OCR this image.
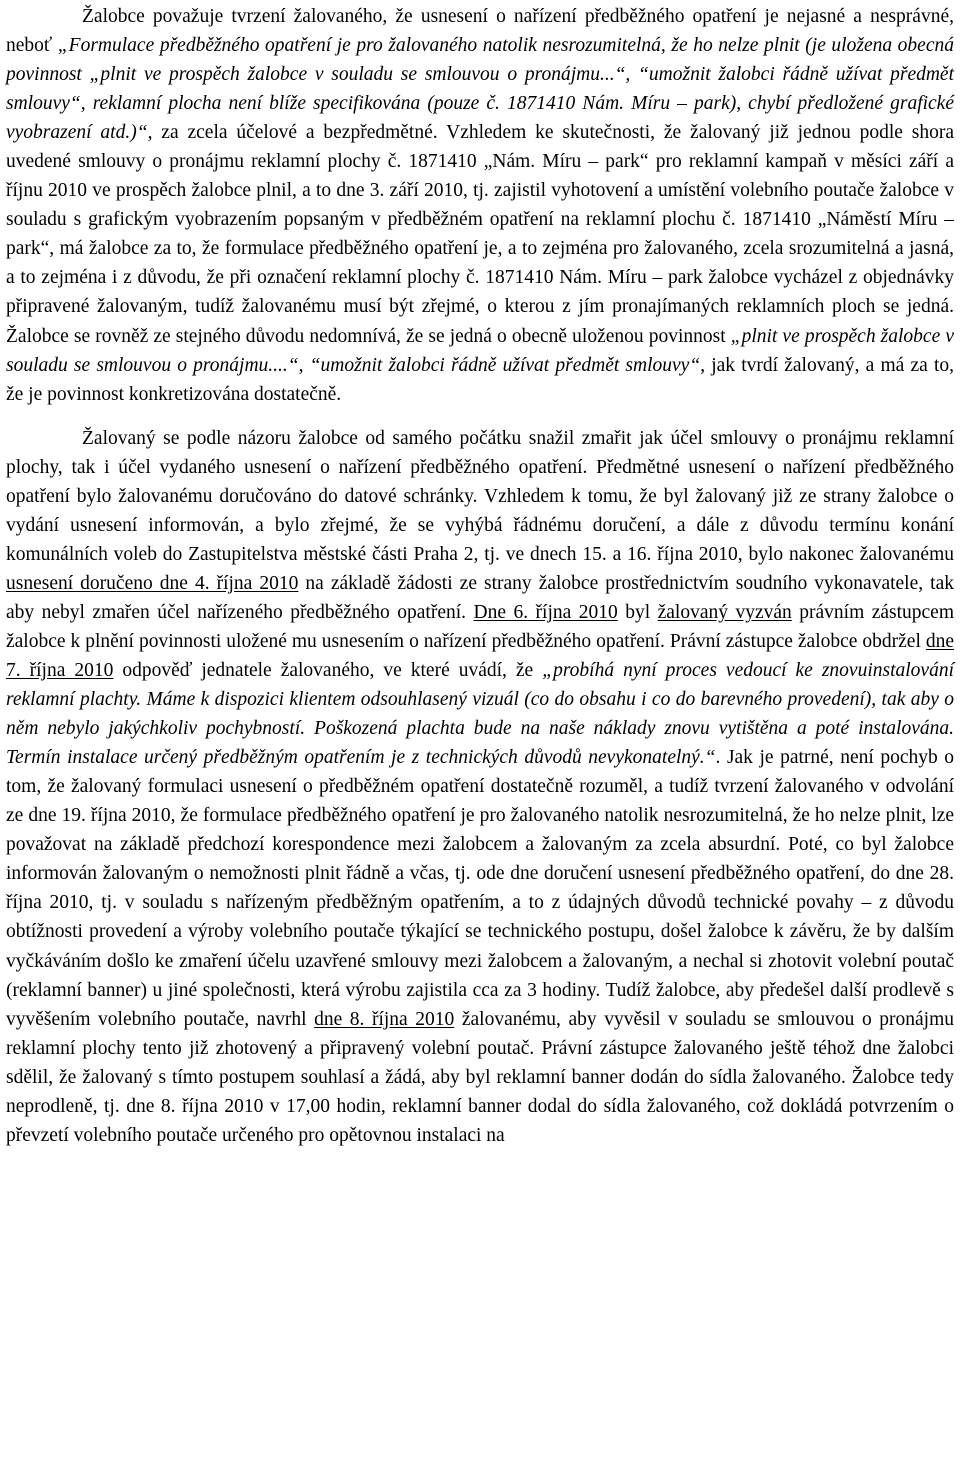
Žalobce považuje tvrzení žalovaného, že usnesení o nařízení předběžného opatření je nejasné a nesprávné, neboť „Formulace předběžného opatření je pro žalovaného natolik nesrozumitelná, že ho nelze plnit (je uložena obecná povinnost „plnit ve prospěch žalobce v souladu se smlouvou o pronájmu...“, “umožnit žalobci řádně užívat předmět smlouvy“, reklamní plocha není blíže specifikována (pouze č. 1871410 Nám. Míru – park), chybí předložené grafické vyobrazení atd.)“, za zcela účelové a bezpředmětné. Vzhledem ke skutečnosti, že žalovaný již jednou podle shora uvedené smlouvy o pronájmu reklamní plochy č. 1871410 „Nám. Míru – park“ pro reklamní kampaň v měsíci září a říjnu 2010 ve prospěch žalobce plnil, a to dne 3. září 2010, tj. zajistil vyhotovení a umístění volebního poutače žalobce v souladu s grafickým vyobrazením popsaným v předběžném opatření na reklamní plochu č. 1871410 „Náměstí Míru – park“, má žalobce za to, že formulace předběžného opatření je, a to zejména pro žalovaného, zcela srozumitelná a jasná, a to zejména i z důvodu, že při označení reklamní plochy č. 1871410 Nám. Míru – park žalobce vycházel z objednávky připravené žalovaným, tudíž žalovanému musí být zřejmé, o kterou z jím pronajímaných reklamních ploch se jedná. Žalobce se rovněž ze stejného důvodu nedomnívá, že se jedná o obecně uloženou povinnost „plnit ve prospěch žalobce v souladu se smlouvou o pronájmu....“, “umožnit žalobci řádně užívat předmět smlouvy“, jak tvrdí žalovaný, a má za to, že je povinnost konkretizována dostatečně.

Žalovaný se podle názoru žalobce od samého počátku snažil zmařit jak účel smlouvy o pronájmu reklamní plochy, tak i účel vydaného usnesení o nařízení předběžného opatření. Předmětné usnesení o nařízení předběžného opatření bylo žalovanému doručováno do datové schránky. Vzhledem k tomu, že byl žalovaný již ze strany žalobce o vydání usnesení informován, a bylo zřejmé, že se vyhýbá řádnému doručení, a dále z důvodu termínu konání komunálních voleb do Zastupitelstva městské části Praha 2, tj. ve dnech 15. a 16. října 2010, bylo nakonec žalovanému usnesení doručeno dne 4. října 2010 na základě žádosti ze strany žalobce prostřednictvím soudního vykonavatele, tak aby nebyl zmařen účel nařízeného předběžného opatření. Dne 6. října 2010 byl žalovaný vyzván právním zástupcem žalobce k plnění povinnosti uložené mu usnesením o nařízení předběžného opatření. Právní zástupce žalobce obdržel dne 7. října 2010 odpověď jednatele žalovaného, ve které uvádí, že „probíhá nyní proces vedoucí ke znovuinstalování reklamní plachty. Máme k dispozici klientem odsouhlasený vizuál (co do obsahu i co do barevného provedení), tak aby o něm nebylo jakýchkoliv pochybností. Poškozená plachta bude na naše náklady znovu vytištěna a poté instalována. Termín instalace určený předběžným opatřením je z technických důvodů nevykonatelný.“. Jak je patrné, není pochyb o tom, že žalovaný formulaci usnesení o předběžném opatření dostatečně rozuměl, a tudíž tvrzení žalovaného v odvolání ze dne 19. října 2010, že formulace předběžného opatření je pro žalovaného natolik nesrozumitelná, že ho nelze plnit, lze považovat na základě předchozí korespondence mezi žalobcem a žalovaným za zcela absurdní. Poté, co byl žalobce informován žalovaným o nemožnosti plnit řádně a včas, tj. ode dne doručení usnesení předběžného opatření, do dne 28. října 2010, tj. v souladu s nařízeným předběžným opatřením, a to z údajných důvodů technické povahy – z důvodu obtížnosti provedení a výroby volebního poutače týkající se technického postupu, došel žalobce k závěru, že by dalším vyčkáváním došlo ke zmaření účelu uzavřené smlouvy mezi žalobcem a žalovaným, a nechal si zhotovit volební poutač (reklamní banner) u jiné společnosti, která výrobu zajistila cca za 3 hodiny. Tudíž žalobce, aby předešel další prodlevě s vyvěšením volebního poutače, navrhl dne 8. října 2010 žalovanému, aby vyvěsil v souladu se smlouvou o pronájmu reklamní plochy tento již zhotovený a připravený volební poutač. Právní zástupce žalovaného ještě téhož dne žalobci sdělil, že žalovaný s tímto postupem souhlasí a žádá, aby byl reklamní banner dodán do sídla žalovaného. Žalobce tedy neprodleně, tj. dne 8. října 2010 v 17,00 hodin, reklamní banner dodal do sídla žalovaného, což dokládá potvrzením o převzetí volebního poutače určeného pro opětovnou instalaci na
